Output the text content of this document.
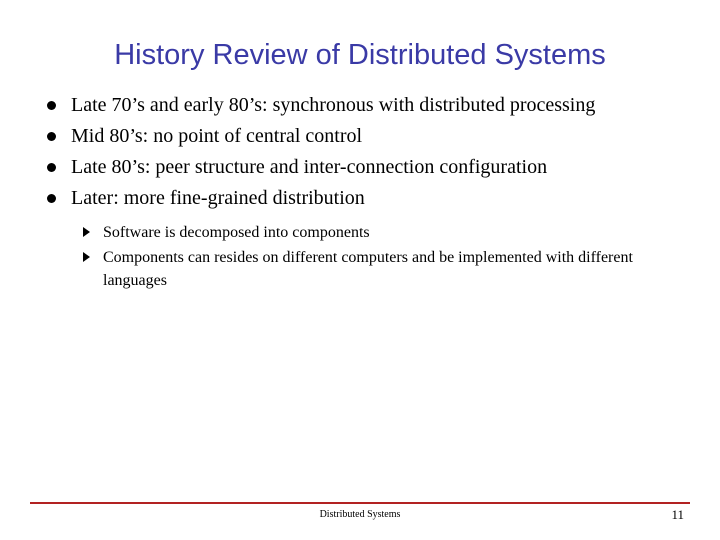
History Review of Distributed Systems
Late 70’s and early 80’s: synchronous with distributed processing
Mid 80’s: no point of central control
Late 80’s: peer structure and inter-connection configuration
Later: more fine-grained distribution
Software is decomposed into components
Components can resides on different computers and be implemented with different languages
Distributed Systems	11
